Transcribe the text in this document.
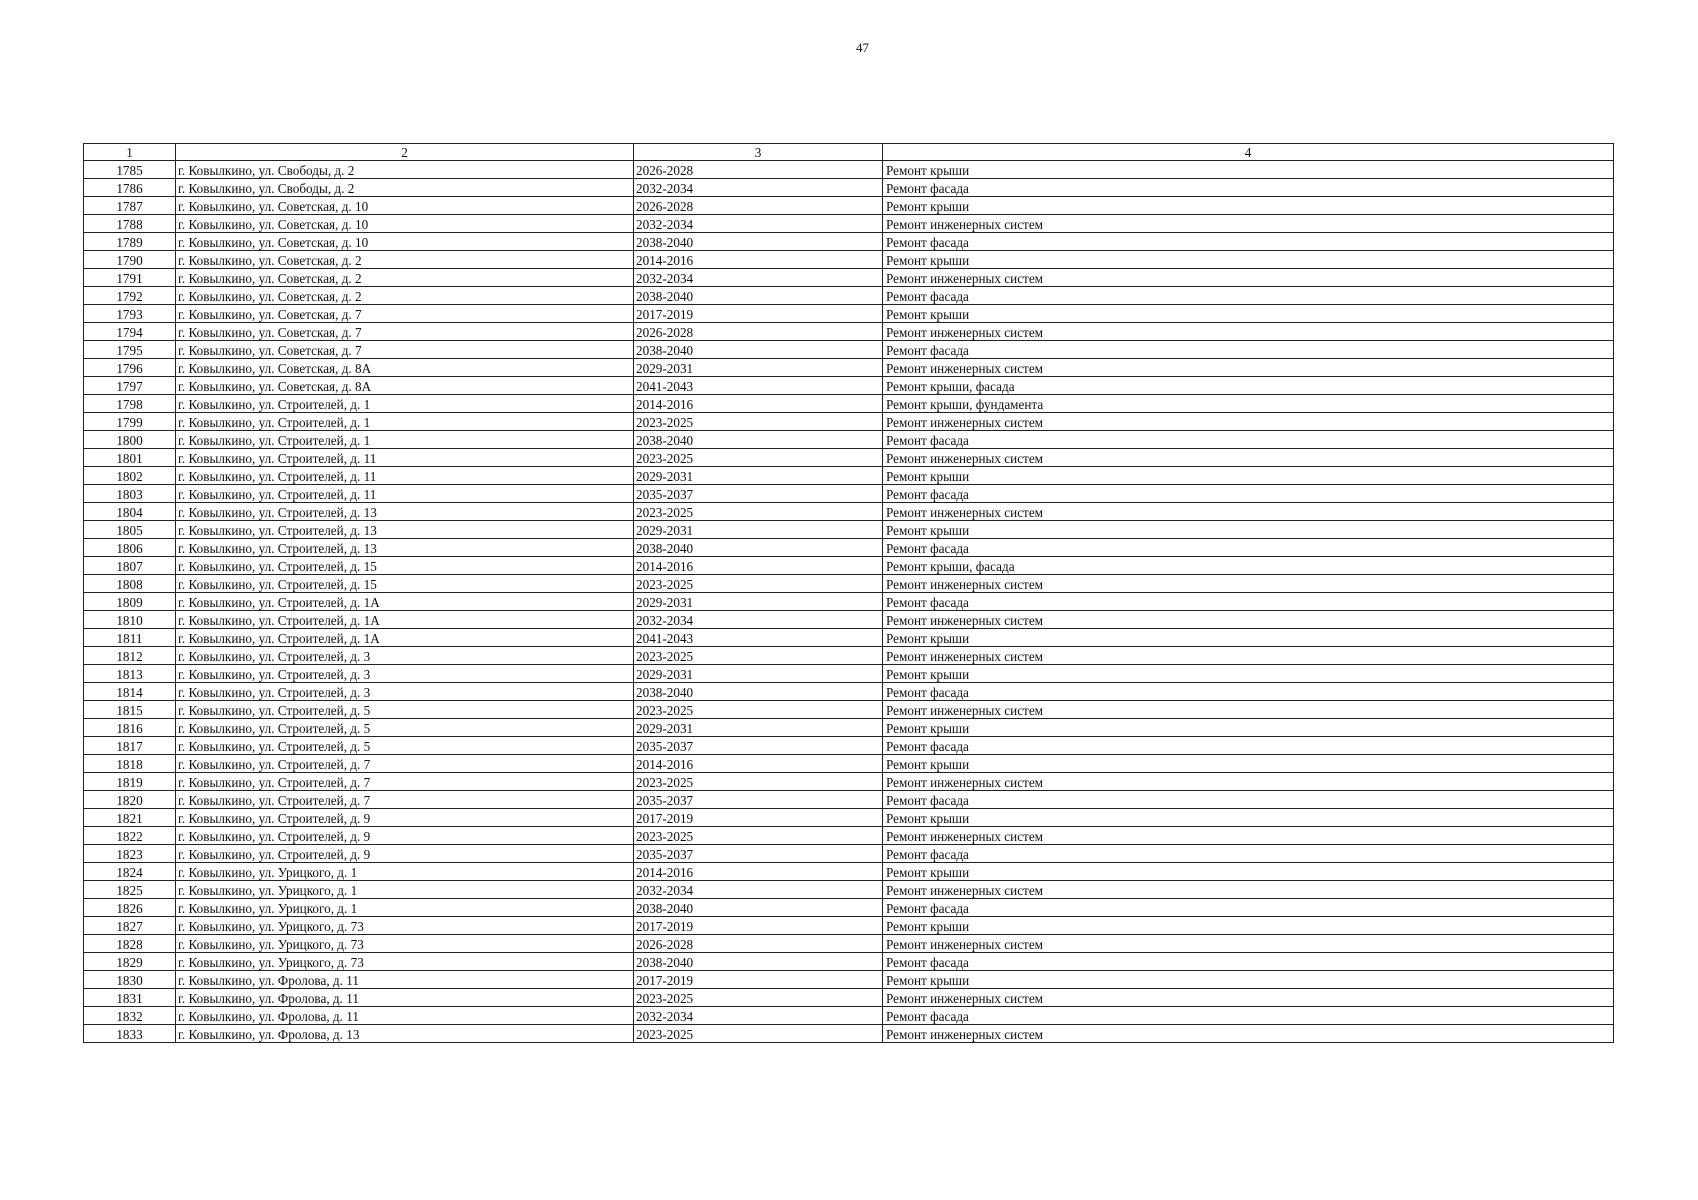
47
1	2	3	4
1785	г. Ковылкино, ул. Свободы, д. 2	2026-2028	Ремонт крыши
1786	г. Ковылкино, ул. Свободы, д. 2	2032-2034	Ремонт фасада
1787	г. Ковылкино, ул. Советская, д. 10	2026-2028	Ремонт крыши
1788	г. Ковылкино, ул. Советская, д. 10	2032-2034	Ремонт инженерных систем
1789	г. Ковылкино, ул. Советская, д. 10	2038-2040	Ремонт фасада
1790	г. Ковылкино, ул. Советская, д. 2	2014-2016	Ремонт крыши
1791	г. Ковылкино, ул. Советская, д. 2	2032-2034	Ремонт инженерных систем
1792	г. Ковылкино, ул. Советская, д. 2	2038-2040	Ремонт фасада
1793	г. Ковылкино, ул. Советская, д. 7	2017-2019	Ремонт крыши
1794	г. Ковылкино, ул. Советская, д. 7	2026-2028	Ремонт инженерных систем
1795	г. Ковылкино, ул. Советская, д. 7	2038-2040	Ремонт фасада
1796	г. Ковылкино, ул. Советская, д. 8А	2029-2031	Ремонт инженерных систем
1797	г. Ковылкино, ул. Советская, д. 8А	2041-2043	Ремонт крыши, фасада
1798	г. Ковылкино, ул. Строителей, д. 1	2014-2016	Ремонт крыши, фундамента
1799	г. Ковылкино, ул. Строителей, д. 1	2023-2025	Ремонт инженерных систем
1800	г. Ковылкино, ул. Строителей, д. 1	2038-2040	Ремонт фасада
1801	г. Ковылкино, ул. Строителей, д. 11	2023-2025	Ремонт инженерных систем
1802	г. Ковылкино, ул. Строителей, д. 11	2029-2031	Ремонт крыши
1803	г. Ковылкино, ул. Строителей, д. 11	2035-2037	Ремонт фасада
1804	г. Ковылкино, ул. Строителей, д. 13	2023-2025	Ремонт инженерных систем
1805	г. Ковылкино, ул. Строителей, д. 13	2029-2031	Ремонт крыши
1806	г. Ковылкино, ул. Строителей, д. 13	2038-2040	Ремонт фасада
1807	г. Ковылкино, ул. Строителей, д. 15	2014-2016	Ремонт крыши, фасада
1808	г. Ковылкино, ул. Строителей, д. 15	2023-2025	Ремонт инженерных систем
1809	г. Ковылкино, ул. Строителей, д. 1А	2029-2031	Ремонт фасада
1810	г. Ковылкино, ул. Строителей, д. 1А	2032-2034	Ремонт инженерных систем
1811	г. Ковылкино, ул. Строителей, д. 1А	2041-2043	Ремонт крыши
1812	г. Ковылкино, ул. Строителей, д. 3	2023-2025	Ремонт инженерных систем
1813	г. Ковылкино, ул. Строителей, д. 3	2029-2031	Ремонт крыши
1814	г. Ковылкино, ул. Строителей, д. 3	2038-2040	Ремонт фасада
1815	г. Ковылкино, ул. Строителей, д. 5	2023-2025	Ремонт инженерных систем
1816	г. Ковылкино, ул. Строителей, д. 5	2029-2031	Ремонт крыши
1817	г. Ковылкино, ул. Строителей, д. 5	2035-2037	Ремонт фасада
1818	г. Ковылкино, ул. Строителей, д. 7	2014-2016	Ремонт крыши
1819	г. Ковылкино, ул. Строителей, д. 7	2023-2025	Ремонт инженерных систем
1820	г. Ковылкино, ул. Строителей, д. 7	2035-2037	Ремонт фасада
1821	г. Ковылкино, ул. Строителей, д. 9	2017-2019	Ремонт крыши
1822	г. Ковылкино, ул. Строителей, д. 9	2023-2025	Ремонт инженерных систем
1823	г. Ковылкино, ул. Строителей, д. 9	2035-2037	Ремонт фасада
1824	г. Ковылкино, ул. Урицкого, д. 1	2014-2016	Ремонт крыши
1825	г. Ковылкино, ул. Урицкого, д. 1	2032-2034	Ремонт инженерных систем
1826	г. Ковылкино, ул. Урицкого, д. 1	2038-2040	Ремонт фасада
1827	г. Ковылкино, ул. Урицкого, д. 73	2017-2019	Ремонт крыши
1828	г. Ковылкино, ул. Урицкого, д. 73	2026-2028	Ремонт инженерных систем
1829	г. Ковылкино, ул. Урицкого, д. 73	2038-2040	Ремонт фасада
1830	г. Ковылкино, ул. Фролова, д. 11	2017-2019	Ремонт крыши
1831	г. Ковылкино, ул. Фролова, д. 11	2023-2025	Ремонт инженерных систем
1832	г. Ковылкино, ул. Фролова, д. 11	2032-2034	Ремонт фасада
1833	г. Ковылкино, ул. Фролова, д. 13	2023-2025	Ремонт инженерных систем
